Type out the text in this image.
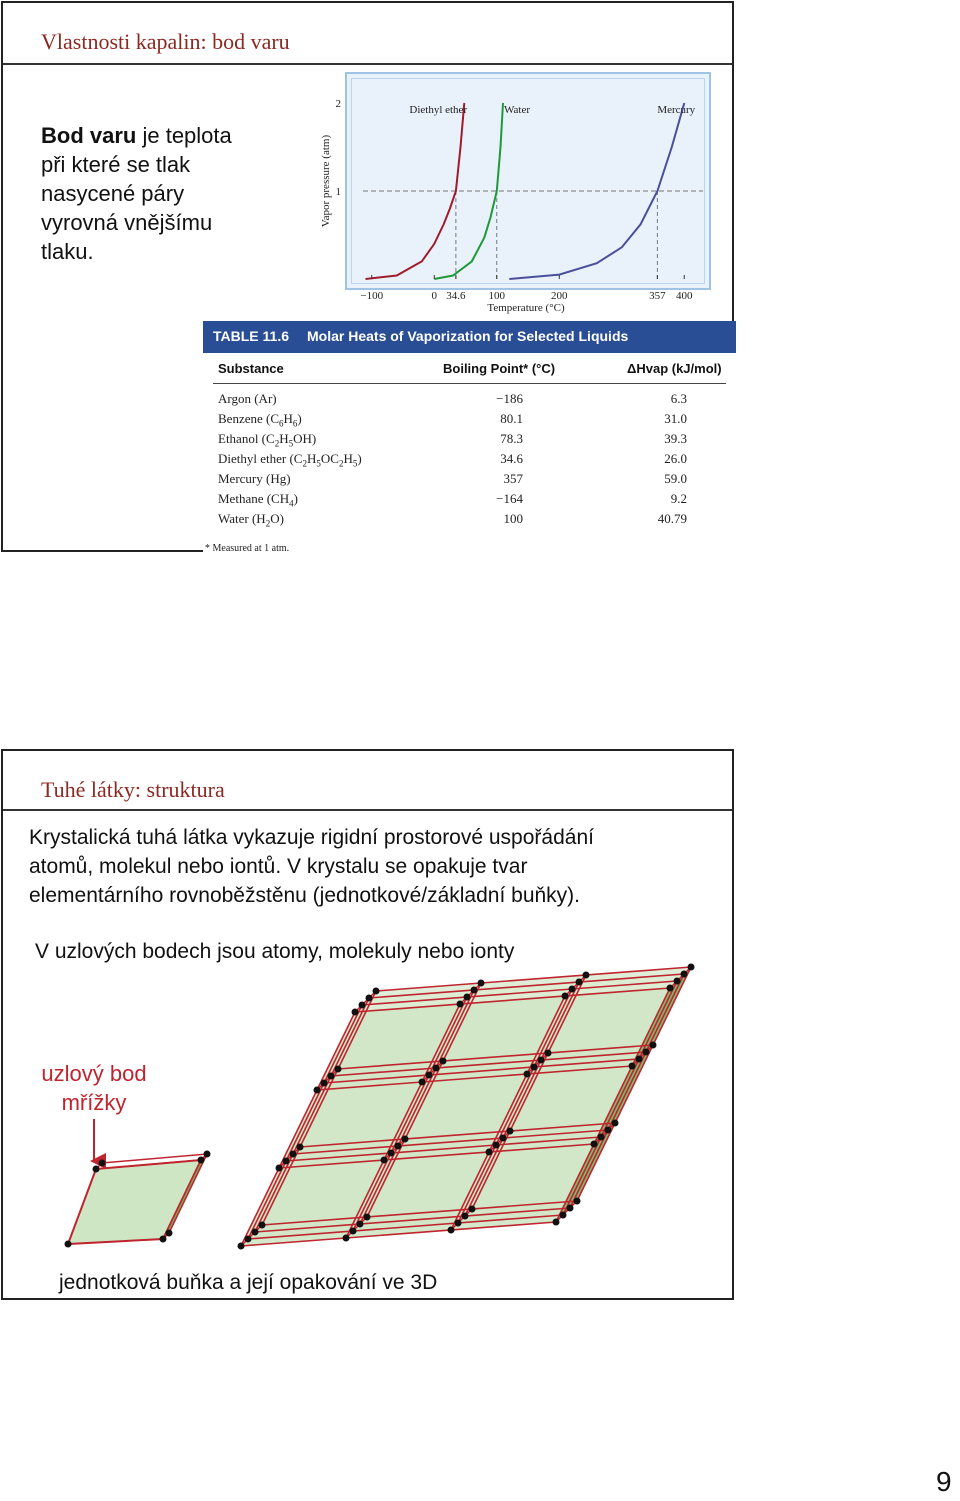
Vlastnosti kapalin: bod varu
Bod varu je teplota
při které se tlak
nasycené páry
vyrovná vnějšímu
tlaku.
Diethyl ether	Water	Mercury
−100	0 34.6 100	200	357 400
1
2
Temperature (°C)
Vapor pressure (atm)
TABLE 11.6 Molar Heats of Vaporization for Selected Liquids
Substance	Boiling Point* (°C)	ΔHvap (kJ/mol)
Argon (Ar)	−186	6.3
Benzene $(C_6H_6)$	80.1	31.0
Ethanol $(C_2H_5OH)$	78.3	39.3
Diethyl ether $(C_2H_5OC_2H_5)$	34.6	26.0
Mercury (Hg)	357	59.0
Methane $(CH_4)$	−164	9.2
Water $(H_2O)$	100	40.79
* Measured at 1 atm.
Tuhé látky: struktura
Krystalická tuhá látka vykazuje rigidní prostorové uspořádání
atomů, molekul nebo iontů. V krystalu se opakuje tvar
elementárního rovnoběžstěnu (jednotkové/základní buňky).
V uzlových bodech jsou atomy, molekuly nebo ionty
uzlový bod
mřížky
jednotková buňka a její opakování ve 3D
9
